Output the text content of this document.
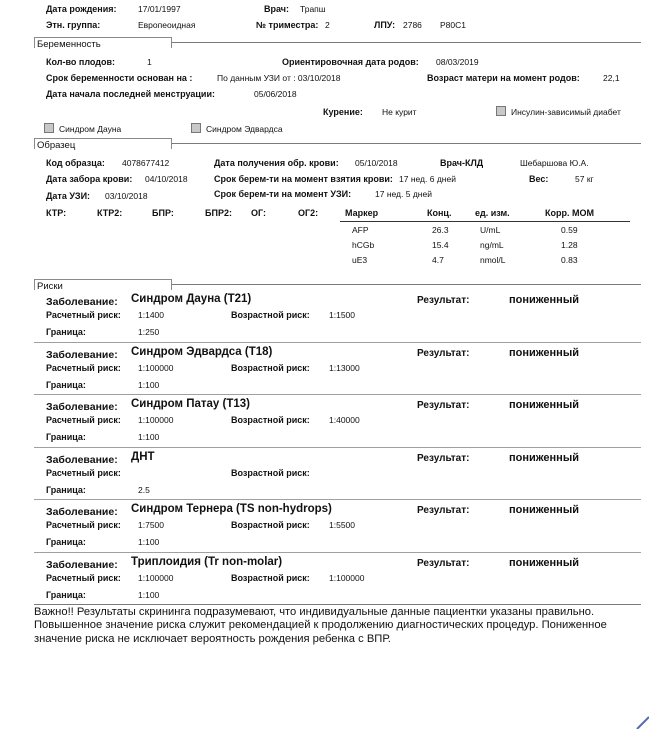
Дата рождения:	17/01/1997	Врач: Трапш
Этн. группа:	Европеоидная	№ триместра: 2	ЛПУ: 2786 P80C1
Беременность
Кол-во плодов:	1	Ориентировочная дата родов: 08/03/2019
Срок беременности основан на :	По данным УЗИ от : 03/10/2018	Возраст матери на момент родов:	22,1
Дата начала последней менструации:	05/06/2018
Курение: Не курит	Инсулин-зависимый диабет
Синдром Дауна	Синдром Эдвардса
Образец
Код образца: 4078677412	Дата получения обр. крови: 05/10/2018	Врач-КЛД	Шебаршова Ю.А.
Дата забора крови: 04/10/2018	Срок берем-ти на момент взятия крови: 17 нед. 6 дней	Вес:	57 кг
Дата УЗИ: 03/10/2018	Срок берем-ти на момент УЗИ:	17 нед. 5 дней
КТР:	КТР2:	БПР:	БПР2: ОГ:	ОГ2:	Маркер	Конц.	ед. изм.	Корр. МОМ
AFP	26.3	U/mL	0.59
hCGb	15.4	ng/mL	1.28
uE3	4.7	nmol/L	0.83
Риски
Заболевание: Синдром Дауна (T21)	Результат:	пониженный
Расчетный риск: 1:1400	Возрастной риск: 1:1500
Граница:	1:250
Заболевание: Синдром Эдвардса (T18)	Результат:	пониженный
Расчетный риск: 1:100000	Возрастной риск: 1:13000
Граница:	1:100
Заболевание: Синдром Патау (T13)	Результат:	пониженный
Расчетный риск: 1:100000	Возрастной риск: 1:40000
Граница:	1:100
Заболевание: ДНТ	Результат:	пониженный
Расчетный риск:	Возрастной риск:
Граница:	2.5
Заболевание: Синдром Тернера (TS non-hydrops)	Результат:	пониженный
Расчетный риск: 1:7500	Возрастной риск: 1:5500
Граница:	1:100
Заболевание: Триплоидия (Tr non-molar)	Результат:	пониженный
Расчетный риск: 1:100000	Возрастной риск: 1:100000
Граница:	1:100
Важно!! Результаты скрининга подразумевают, что индивидуальные данные пациентки указаны правильно. Повышенное значение риска служит рекомендацией к продолжению диагностических процедур. Пониженное значение риска не исключает вероятность рождения ребенка с ВПР.
